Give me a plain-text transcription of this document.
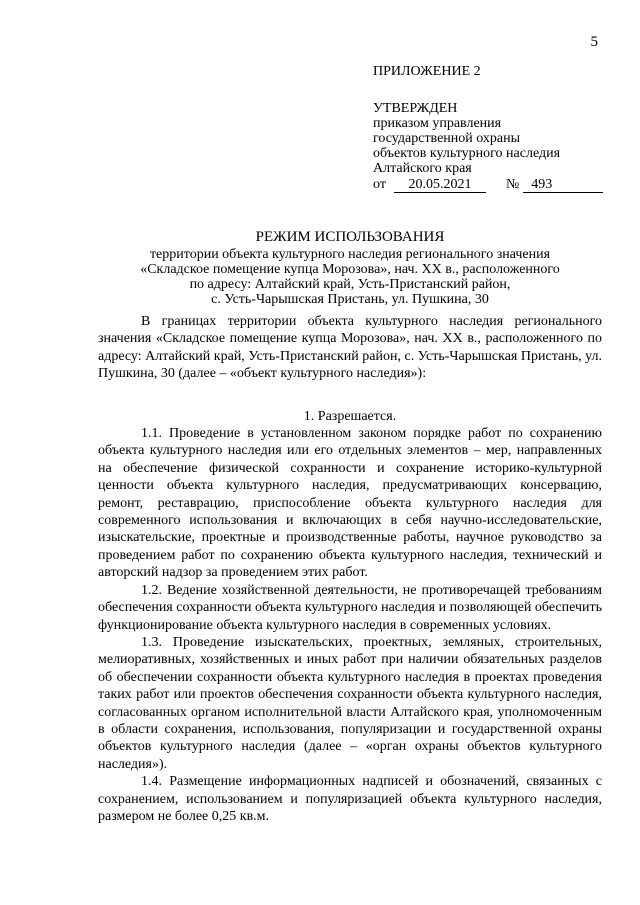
5
ПРИЛОЖЕНИЕ 2
УТВЕРЖДЕН
приказом управления
государственной охраны
объектов культурного наследия
Алтайского края
от 20.05.2021 № 493
РЕЖИМ ИСПОЛЬЗОВАНИЯ
территории объекта культурного наследия регионального значения
«Складское помещение купца Морозова», нач. XX в., расположенного
по адресу: Алтайский край, Усть-Пристанский район,
с. Усть-Чарышская Пристань, ул. Пушкина, 30

В границах территории объекта культурного наследия регионального значения «Складское помещение купца Морозова», нач. XX в., расположенного по адресу: Алтайский край, Усть-Пристанский район, с. Усть-Чарышская Пристань, ул. Пушкина, 30 (далее – «объект культурного наследия»):

1. Разрешается.

1.1. Проведение в установленном законом порядке работ по сохранению объекта культурного наследия или его отдельных элементов – мер, направленных на обеспечение физической сохранности и сохранение историко-культурной ценности объекта культурного наследия, предусматривающих консервацию, ремонт, реставрацию, приспособление объекта культурного наследия для современного использования и включающих в себя научно-исследовательские, изыскательские, проектные и производственные работы, научное руководство за проведением работ по сохранению объекта культурного наследия, технический и авторский надзор за проведением этих работ.

1.2. Ведение хозяйственной деятельности, не противоречащей требованиям обеспечения сохранности объекта культурного наследия и позволяющей обеспечить функционирование объекта культурного наследия в современных условиях.

1.3. Проведение изыскательских, проектных, земляных, строительных, мелиоративных, хозяйственных и иных работ при наличии обязательных разделов об обеспечении сохранности объекта культурного наследия в проектах проведения таких работ или проектов обеспечения сохранности объекта культурного наследия, согласованных органом исполнительной власти Алтайского края, уполномоченным в области сохранения, использования, популяризации и государственной охраны объектов культурного наследия (далее – «орган охраны объектов культурного наследия»).

1.4. Размещение информационных надписей и обозначений, связанных с сохранением, использованием и популяризацией объекта культурного наследия, размером не более 0,25 кв.м.
